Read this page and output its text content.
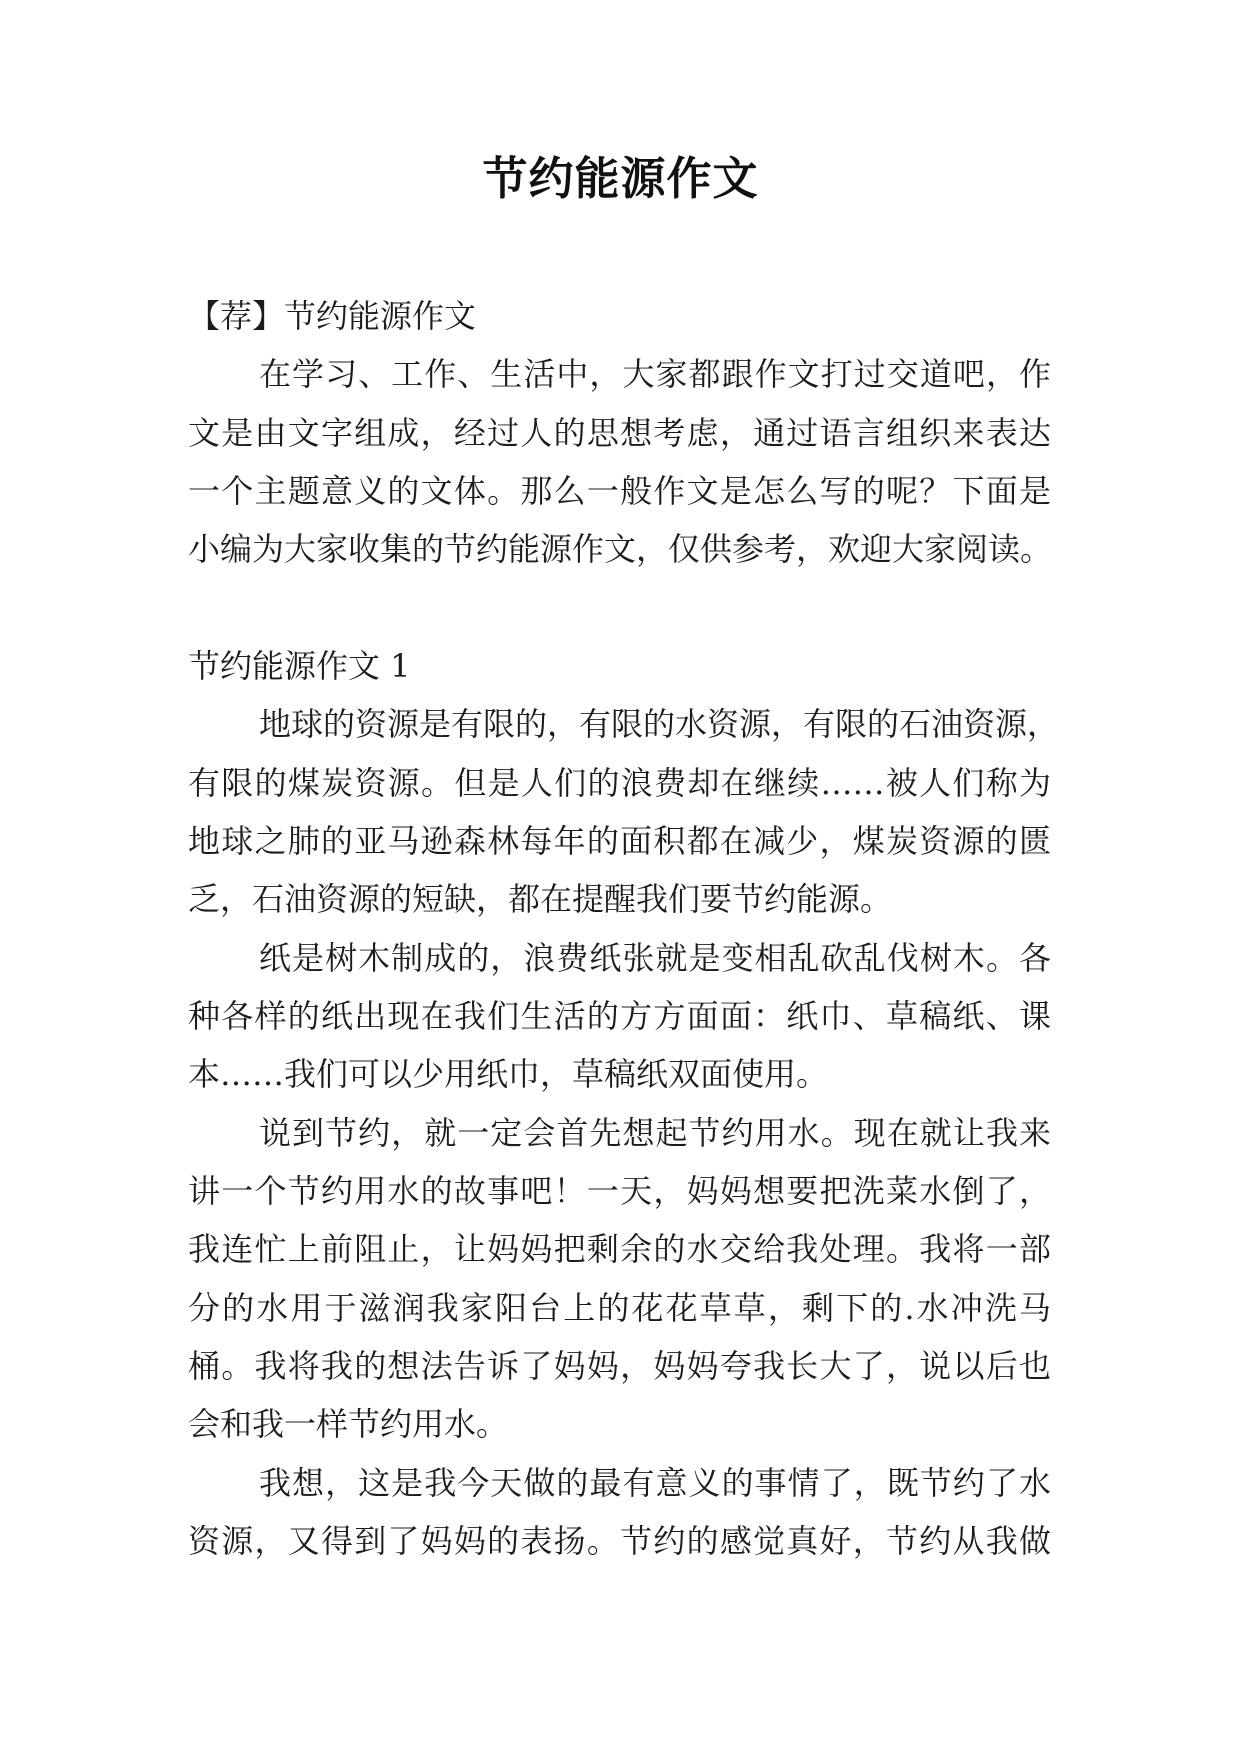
节约能源作文
【荐】节约能源作文
在学习、工作、生活中，大家都跟作文打过交道吧，作
文是由文字组成，经过人的思想考虑，通过语言组织来表达
一个主题意义的文体。那么一般作文是怎么写的呢？下面是
小编为大家收集的节约能源作文，仅供参考，欢迎大家阅读。
节约能源作文 1
地球的资源是有限的，有限的水资源，有限的石油资源，
有限的煤炭资源。但是人们的浪费却在继续……被人们称为
地球之肺的亚马逊森林每年的面积都在减少，煤炭资源的匮
乏，石油资源的短缺，都在提醒我们要节约能源。
纸是树木制成的，浪费纸张就是变相乱砍乱伐树木。各
种各样的纸出现在我们生活的方方面面：纸巾、草稿纸、课
本……我们可以少用纸巾，草稿纸双面使用。
说到节约，就一定会首先想起节约用水。现在就让我来
讲一个节约用水的故事吧！一天，妈妈想要把洗菜水倒了，
我连忙上前阻止，让妈妈把剩余的水交给我处理。我将一部
分的水用于滋润我家阳台上的花花草草，剩下的.水冲洗马
桶。我将我的想法告诉了妈妈，妈妈夸我长大了，说以后也
会和我一样节约用水。
我想，这是我今天做的最有意义的事情了，既节约了水
资源，又得到了妈妈的表扬。节约的感觉真好，节约从我做
